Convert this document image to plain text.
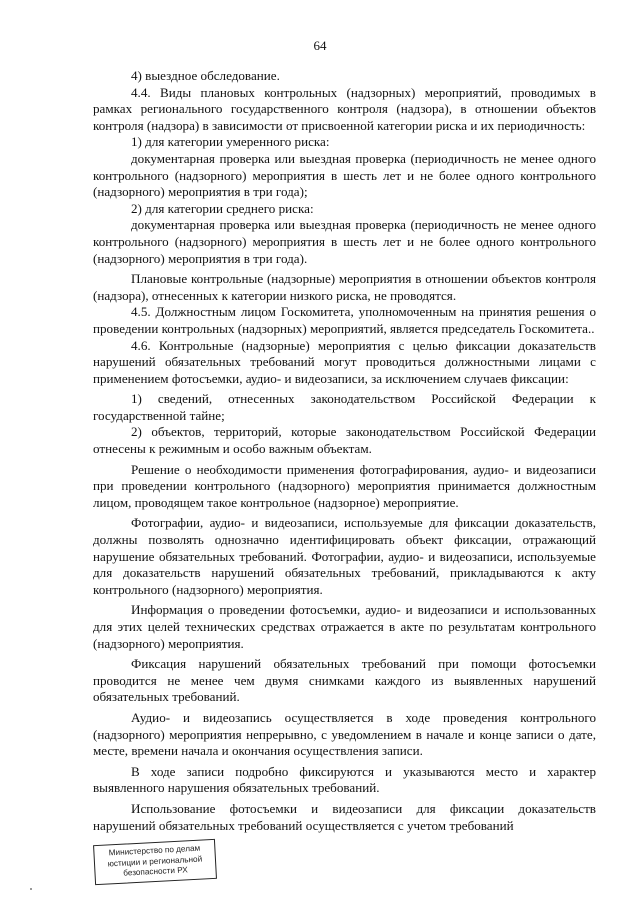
64

4) выездное обследование.

4.4. Виды плановых контрольных (надзорных) мероприятий, проводимых в рамках регионального государственного контроля (надзора), в отношении объектов контроля (надзора) в зависимости от присвоенной категории риска и их периодичность:

1) для категории умеренного риска:

документарная проверка или выездная проверка (периодичность не менее одного контрольного (надзорного) мероприятия в шесть лет и не более одного контрольного (надзорного) мероприятия в три года);

2) для категории среднего риска:

документарная проверка или выездная проверка (периодичность не менее одного контрольного (надзорного) мероприятия в шесть лет и не более одного контрольного (надзорного) мероприятия в три года).

Плановые контрольные (надзорные) мероприятия в отношении объектов контроля (надзора), отнесенных к категории низкого риска, не проводятся.

4.5. Должностным лицом Госкомитета, уполномоченным на принятия решения о проведении контрольных (надзорных) мероприятий, является председатель Госкомитета..

4.6. Контрольные (надзорные) мероприятия с целью фиксации доказательств нарушений обязательных требований могут проводиться должностными лицами с применением фотосъемки, аудио- и видеозаписи, за исключением случаев фиксации:

1) сведений, отнесенных законодательством Российской Федерации к государственной тайне;

2) объектов, территорий, которые законодательством Российской Федерации отнесены к режимным и особо важным объектам.

Решение о необходимости применения фотографирования, аудио- и видеозаписи при проведении контрольного (надзорного) мероприятия принимается должностным лицом, проводящем такое контрольное (надзорное) мероприятие.

Фотографии, аудио- и видеозаписи, используемые для фиксации доказательств, должны позволять однозначно идентифицировать объект фиксации, отражающий нарушение обязательных требований. Фотографии, аудио- и видеозаписи, используемые для доказательств нарушений обязательных требований, прикладываются к акту контрольного (надзорного) мероприятия.

Информация о проведении фотосъемки, аудио- и видеозаписи и использованных для этих целей технических средствах отражается в акте по результатам контрольного (надзорного) мероприятия.

Фиксация нарушений обязательных требований при помощи фотосъемки проводится не менее чем двумя снимками каждого из выявленных нарушений обязательных требований.

Аудио- и видеозапись осуществляется в ходе проведения контрольного (надзорного) мероприятия непрерывно, с уведомлением в начале и конце записи о дате, месте, времени начала и окончания осуществления записи.

В ходе записи подробно фиксируются и указываются место и характер выявленного нарушения обязательных требований.

Использование фотосъемки и видеозаписи для фиксации доказательств нарушений обязательных требований осуществляется с учетом требований

Министерство по делам
юстиции и региональной
безопасности РХ
